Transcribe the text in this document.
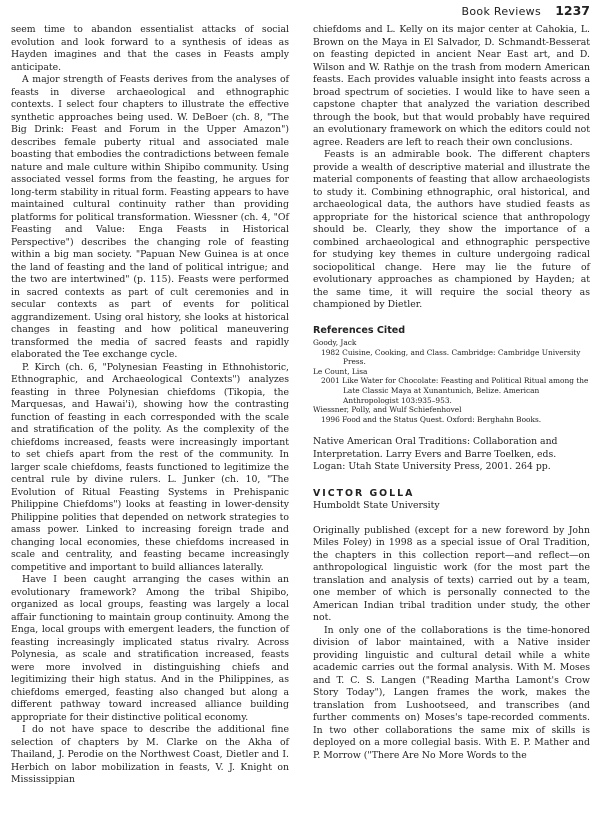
Book Reviews 1237

seem time to abandon essentialist attacks of social evolution and look forward to a synthesis of ideas as Hayden imagines and that the cases in Feasts amply anticipate.

A major strength of Feasts derives from the analyses of feasts in diverse archaeological and ethnographic contexts. I select four chapters to illustrate the effective synthetic approaches being used. W. DeBoer (ch. 8, "The Big Drink: Feast and Forum in the Upper Amazon") describes female puberty ritual and associated male boasting that embodies the contradictions between female nature and male culture within Shipibo community. Using associated vessel forms from the feasting, he argues for long-term stability in ritual form. Feasting appears to have maintained cultural continuity rather than providing platforms for political transformation. Wiessner (ch. 4, "Of Feasting and Value: Enga Feasts in Historical Perspective") describes the changing role of feasting within a big man society. "Papuan New Guinea is at once the land of feasting and the land of political intrigue; and the two are intertwined" (p. 115). Feasts were performed in sacred contexts as part of cult ceremonies and in secular contexts as part of events for political aggrandizement. Using oral history, she looks at historical changes in feasting and how political maneuvering transformed the media of sacred feasts and rapidly elaborated the Tee exchange cycle.

P. Kirch (ch. 6, "Polynesian Feasting in Ethnohistoric, Ethnographic, and Archaeological Contexts") analyzes feasting in three Polynesian chiefdoms (Tikopia, the Marquesas, and Hawai'i), showing how the contrasting function of feasting in each corresponded with the scale and stratification of the polity. As the complexity of the chiefdoms increased, feasts were increasingly important to set chiefs apart from the rest of the community. In larger scale chiefdoms, feasts functioned to legitimize the central rule by divine rulers. L. Junker (ch. 10, "The Evolution of Ritual Feasting Systems in Prehispanic Philippine Chiefdoms") looks at feasting in lower-density Philippine polities that depended on network strategies to amass power. Linked to increasing foreign trade and changing local economies, these chiefdoms increased in scale and centrality, and feasting became increasingly competitive and important to build alliances laterally.

Have I been caught arranging the cases within an evolutionary framework? Among the tribal Shipibo, organized as local groups, feasting was largely a local affair functioning to maintain group continuity. Among the Enga, local groups with emergent leaders, the function of feasting increasingly implicated status rivalry. Across Polynesia, as scale and stratification increased, feasts were more involved in distinguishing chiefs and legitimizing their high status. And in the Philippines, as chiefdoms emerged, feasting also changed but along a different pathway toward increased alliance building appropriate for their distinctive political economy.

I do not have space to describe the additional fine selection of chapters by M. Clarke on the Akha of Thailand, J. Perodie on the Northwest Coast, Dietler and I. Herbich on labor mobilization in feasts, V. J. Knight on Mississippian

chiefdoms and L. Kelly on its major center at Cahokia, L. Brown on the Maya in El Salvador, D. Schmandt-Besserat on feasting depicted in ancient Near East art, and D. Wilson and W. Rathje on the trash from modern American feasts. Each provides valuable insight into feasts across a broad spectrum of societies. I would like to have seen a capstone chapter that analyzed the variation described through the book, but that would probably have required an evolutionary framework on which the editors could not agree. Readers are left to reach their own conclusions.

Feasts is an admirable book. The different chapters provide a wealth of descriptive material and illustrate the material components of feasting that allow archaeologists to study it. Combining ethnographic, oral historical, and archaeological data, the authors have studied feasts as appropriate for the historical science that anthropology should be. Clearly, they show the importance of a combined archaeological and ethnographic perspective for studying key themes in culture undergoing radical sociopolitical change. Here may lie the future of evolutionary approaches as championed by Hayden; at the same time, it will require the social theory as championed by Dietler.

References Cited
Goody, Jack
1982 Cuisine, Cooking, and Class. Cambridge: Cambridge University Press.
Le Count, Lisa
2001 Like Water for Chocolate: Feasting and Political Ritual among the Late Classic Maya at Xunantunich, Belize. American Anthropologist 103:935–953.
Wiessner, Polly, and Wulf Schiefenhovel
1996 Food and the Status Quest. Oxford: Berghahn Books.

Native American Oral Traditions: Collaboration and Interpretation. Larry Evers and Barre Toelken, eds. Logan: Utah State University Press, 2001. 264 pp.

VICTOR GOLLA
Humboldt State University

Originally published (except for a new foreword by John Miles Foley) in 1998 as a special issue of Oral Tradition, the chapters in this collection report—and reflect—on anthropological linguistic work (for the most part the translation and analysis of texts) carried out by a team, one member of which is personally connected to the American Indian tribal tradition under study, the other not.

In only one of the collaborations is the time-honored division of labor maintained, with a Native insider providing linguistic and cultural detail while a white academic carries out the formal analysis. With M. Moses and T. C. S. Langen ("Reading Martha Lamont's Crow Story Today"), Langen frames the work, makes the translation from Lushootseed, and transcribes (and further comments on) Moses's tape-recorded comments. In two other collaborations the same mix of skills is deployed on a more collegial basis. With E. P. Mather and P. Morrow ("There Are No More Words to the
